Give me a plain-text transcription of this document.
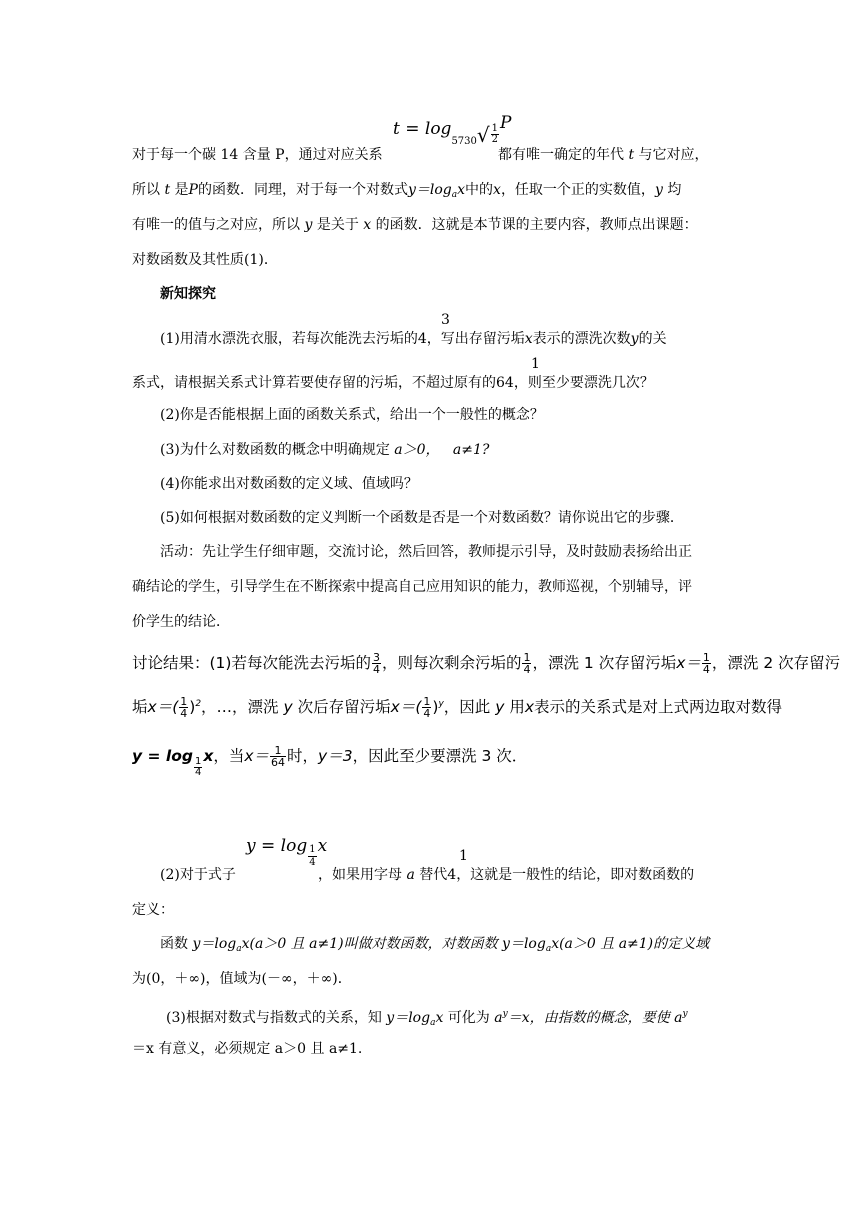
$t = \log_{5730}√ \frac{1}{2}$
P
对于每一个碳 14 含量 P，通过对应关系	都有唯一确定的年代 t 与它对应，
所以 t 是P的函数．同理，对于每一个对数式$y=\log_ax$中的x，任取一个正的实数值，y 均
有唯一的值与之对应，所以 y 是关于 x 的函数．这就是本节课的主要内容，教师点出课题：
对数函数及其性质(1)．
新知探究
3
(1)用清水漂洗衣服，若每次能洗去污垢的4，写出存留污垢x表示的漂洗次数y的关
1
系式，请根据关系式计算若要使存留的污垢，不超过原有的64，则至少要漂洗几次？
(2)你是否能根据上面的函数关系式，给出一个一般性的概念？
(3)为什么对数函数的概念中明确规定 a＞0， a≠1?
(4)你能求出对数函数的定义域、值域吗？
(5)如何根据对数函数的定义判断一个函数是否是一个对数函数？请你说出它的步骤．
活动：先让学生仔细审题，交流讨论，然后回答，教师提示引导，及时鼓励表扬给出正
确结论的学生，引导学生在不断探索中提高自己应用知识的能力，教师巡视，个别辅导，评
价学生的结论．
讨论结果：(1)若每次能洗去污垢的 $\frac{3}{4}$ ，则每次剩余污垢的 $\frac{1}{4}$ ，漂洗 1 次存留污垢$x= \frac{1}{4}$ ，漂洗 2 次存留污
垢$x=( \frac{1}{4} )^2$，…，漂洗 y 次后存留污垢$x=( \frac{1}{4} )^y$，因此 y 用x表示的关系式是对上式两边取对数得
y = log
$\frac{1}{4}$
x，当$x= \frac{1}{64}$ 时，y＝3，因此至少要漂洗 3 次．
$y = \log \frac{1}{4}$ x	1
(2)对于式子	，如果用字母 a 替代4，这就是一般性的结论，即对数函数的
定义：
函数 $y=\log_ax(a>0$ 且 a≠1)叫做对数函数，对数函数 $y=\log_ax(a>0$ 且 a≠1)的定义域
为(0，＋∞)，值域为(－∞，＋∞)．
(3)根据对数式与指数式的关系，知 $y=\log_ax$ 可化为 $a^y=x$，由指数的概念，要使 $a^y$
＝x 有意义，必须规定 a＞0 且 a≠1.
